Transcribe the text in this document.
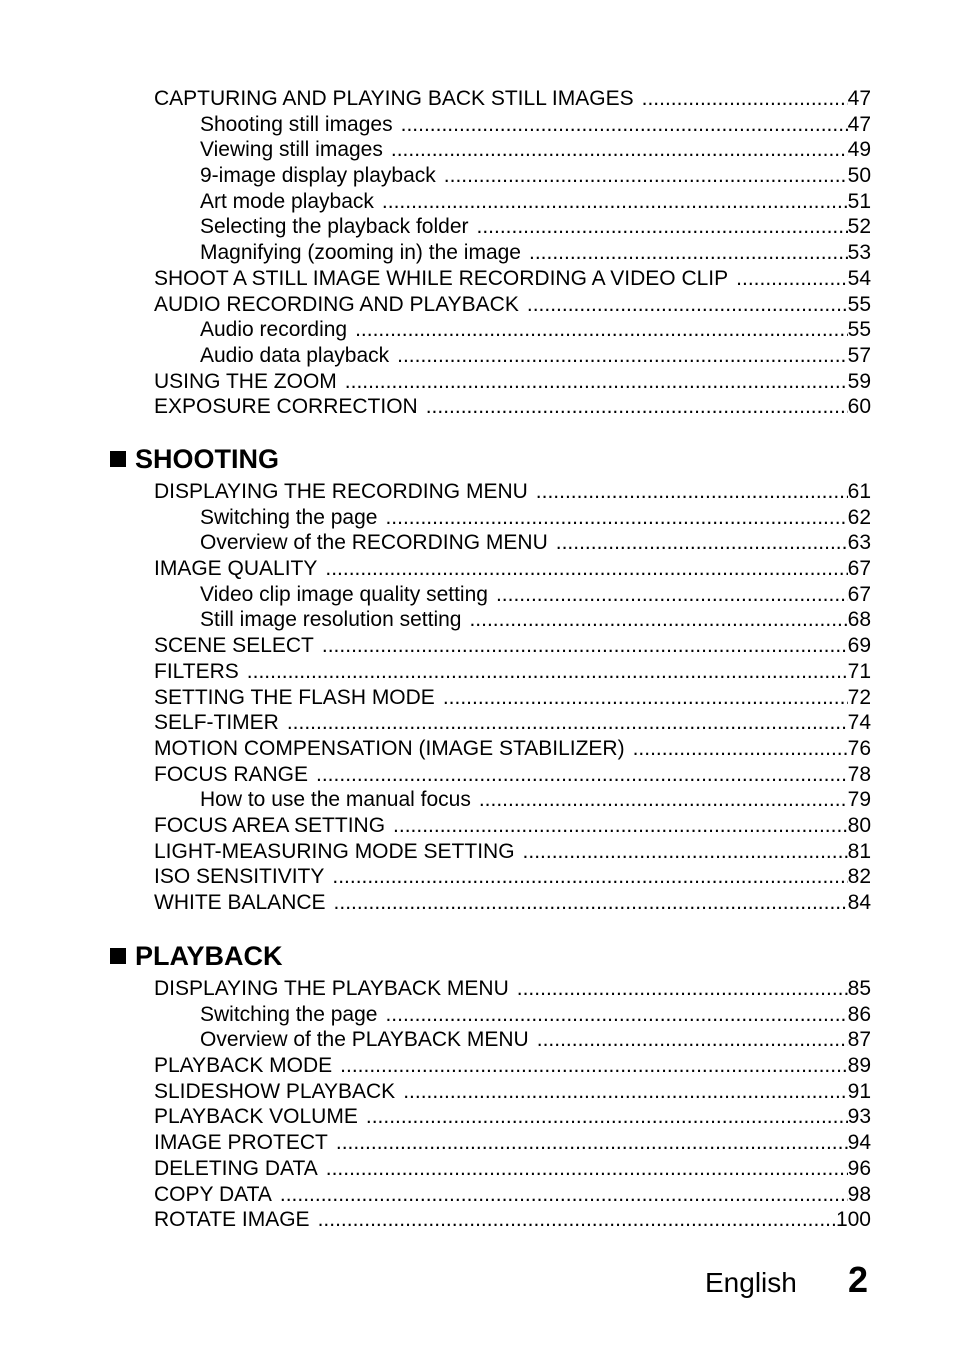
CAPTURING AND PLAYING BACK STILL IMAGES .....	47
Shooting still images .....	47
Viewing still images .....	49
9-image display playback .....	50
Art mode playback .....	51
Selecting the playback folder .....	52
Magnifying (zooming in) the image .....	53
SHOOT A STILL IMAGE WHILE RECORDING A VIDEO CLIP .....	54
AUDIO RECORDING AND PLAYBACK .....	55
Audio recording .....	55
Audio data playback .....	57
USING THE ZOOM .....	59
EXPOSURE CORRECTION .....	60
SHOOTING
DISPLAYING THE RECORDING MENU .....	61
Switching the page .....	62
Overview of the RECORDING MENU .....	63
IMAGE QUALITY .....	67
Video clip image quality setting .....	67
Still image resolution setting .....	68
SCENE SELECT .....	69
FILTERS .....	71
SETTING THE FLASH MODE .....	72
SELF-TIMER .....	74
MOTION COMPENSATION (IMAGE STABILIZER) .....	76
FOCUS RANGE .....	78
How to use the manual focus .....	79
FOCUS AREA SETTING .....	80
LIGHT-MEASURING MODE SETTING .....	81
ISO SENSITIVITY .....	82
WHITE BALANCE .....	84
PLAYBACK
DISPLAYING THE PLAYBACK MENU .....	85
Switching the page .....	86
Overview of the PLAYBACK MENU .....	87
PLAYBACK MODE .....	89
SLIDESHOW PLAYBACK .....	91
PLAYBACK VOLUME .....	93
IMAGE PROTECT .....	94
DELETING DATA .....	96
COPY DATA .....	98
ROTATE IMAGE .....	100
English 2
